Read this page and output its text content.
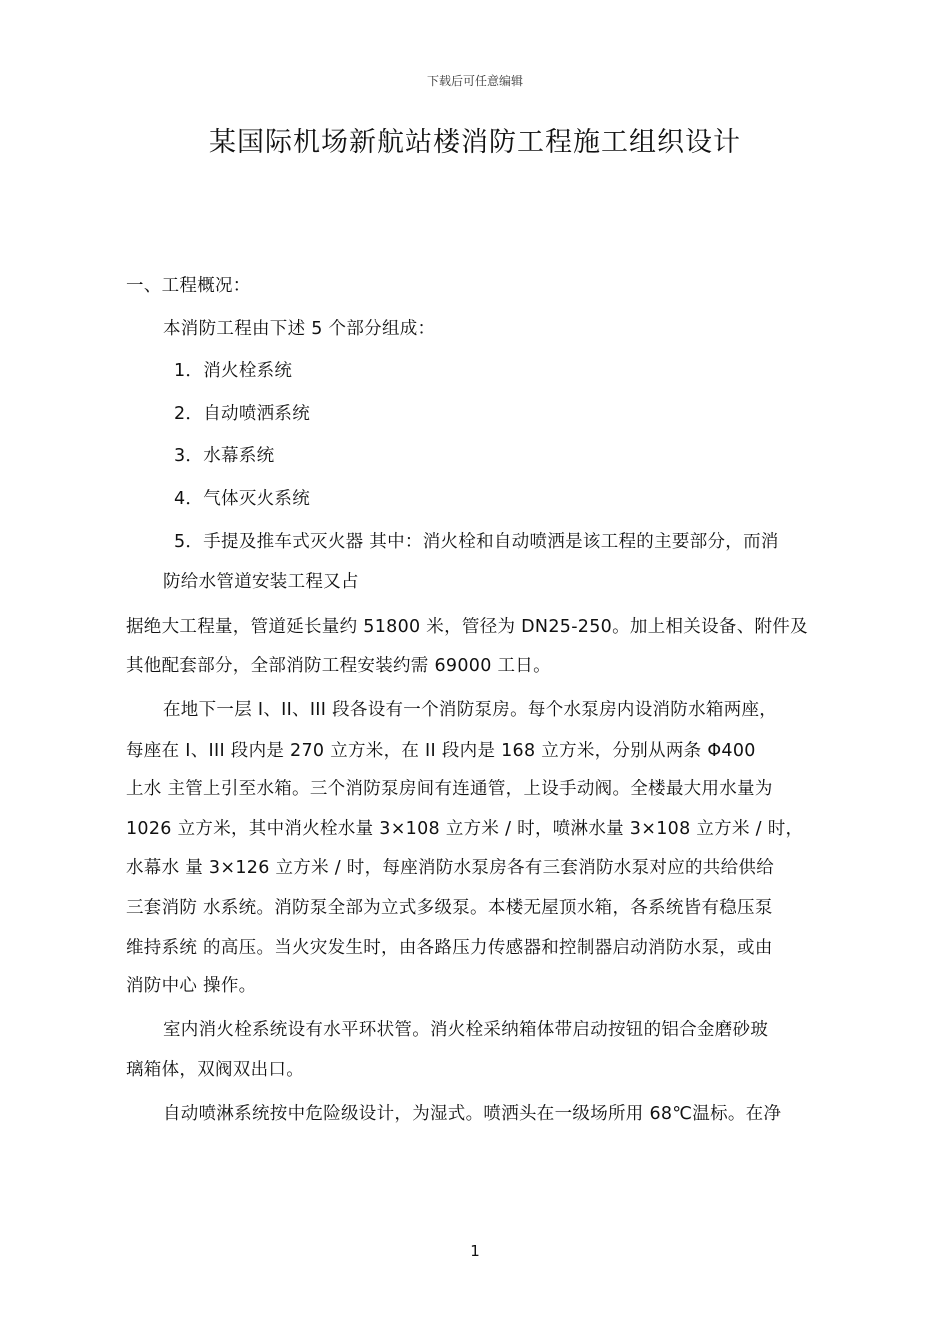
下载后可任意编辑
某国际机场新航站楼消防工程施工组织设计
一、工程概况：
本消防工程由下述 5 个部分组成：
1．消火栓系统
2．自动喷洒系统
3．水幕系统
4．气体灭火系统
5．手提及推车式灭火器 其中：消火栓和自动喷洒是该工程的主要部分，而消
防给水管道安装工程又占
据绝大工程量，管道延长量约 51800 米，管径为 DN25-250。加上相关设备、附件及
其他配套部分，全部消防工程安装约需 69000 工日。
在地下一层 I、II、III 段各设有一个消防泵房。每个水泵房内设消防水箱两座，
每座在 I、III 段内是 270 立方米，在 II 段内是 168 立方米，分别从两条 Φ400
上水 主管上引至水箱。三个消防泵房间有连通管，上设手动阀。全楼最大用水量为
1026 立方米，其中消火栓水量 3×108 立方米 / 时，喷淋水量 3×108 立方米 / 时，
水幕水 量 3×126 立方米 / 时，每座消防水泵房各有三套消防水泵对应的共给供给
三套消防 水系统。消防泵全部为立式多级泵。本楼无屋顶水箱，各系统皆有稳压泵
维持系统 的高压。当火灾发生时，由各路压力传感器和控制器启动消防水泵，或由
消防中心 操作。
室内消火栓系统设有水平环状管。消火栓采纳箱体带启动按钮的铝合金磨砂玻
璃箱体，双阀双出口。
自动喷淋系统按中危险级设计，为湿式。喷洒头在一级场所用 68℃温标。在净
1
